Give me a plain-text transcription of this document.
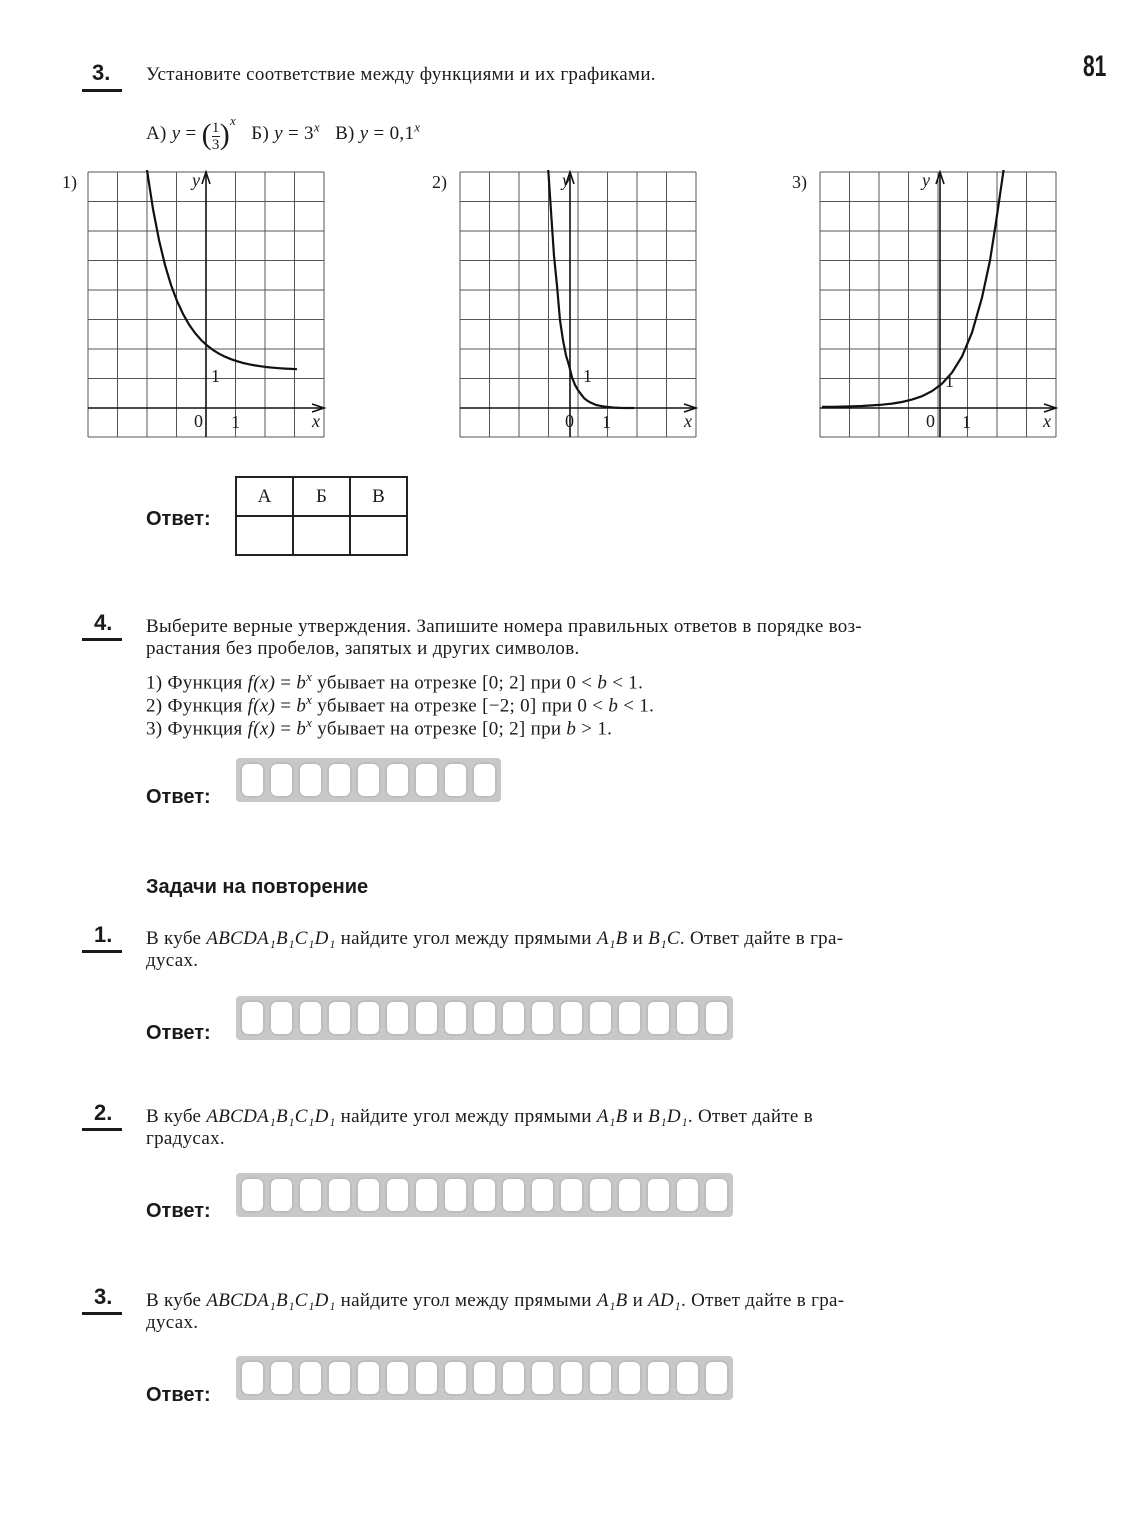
81
3. Установите соответствие между функциями и их графиками.
А) y = ( $\frac{1}{3} )^x$   Б) $y = 3^x$ В) $y = 0,1^x$
1)	y
x
0 1
1
2)	y
x
0 1
1
3)	y
x
0 1
1
Ответ:
А	Б	В

4. Выберите верные утверждения. Запишите номера правильных ответов в порядке воз-
растания без пробелов, запятых и других символов.
1) Функция $f(x) = b^x$ убывает на отрезке [0; 2] при 0 < b < 1.
2) Функция $f(x) = b^x$ убывает на отрезке [−2; 0] при 0 < b < 1.
3) Функция $f(x) = b^x$ убывает на отрезке [0; 2] при b > 1.
Ответ:
Задачи на повторение
1. В кубе ABCDA₁B₁C₁D₁ найдите угол между прямыми A₁B и B₁C. Ответ дайте в гра-
дусах.
Ответ:
2. В кубе ABCDA₁B₁C₁D₁ найдите угол между прямыми A₁B и B₁D₁. Ответ дайте в
градусах.
Ответ:
3. В кубе ABCDA₁B₁C₁D₁ найдите угол между прямыми A₁B и AD₁. Ответ дайте в гра-
дусах.
Ответ:
